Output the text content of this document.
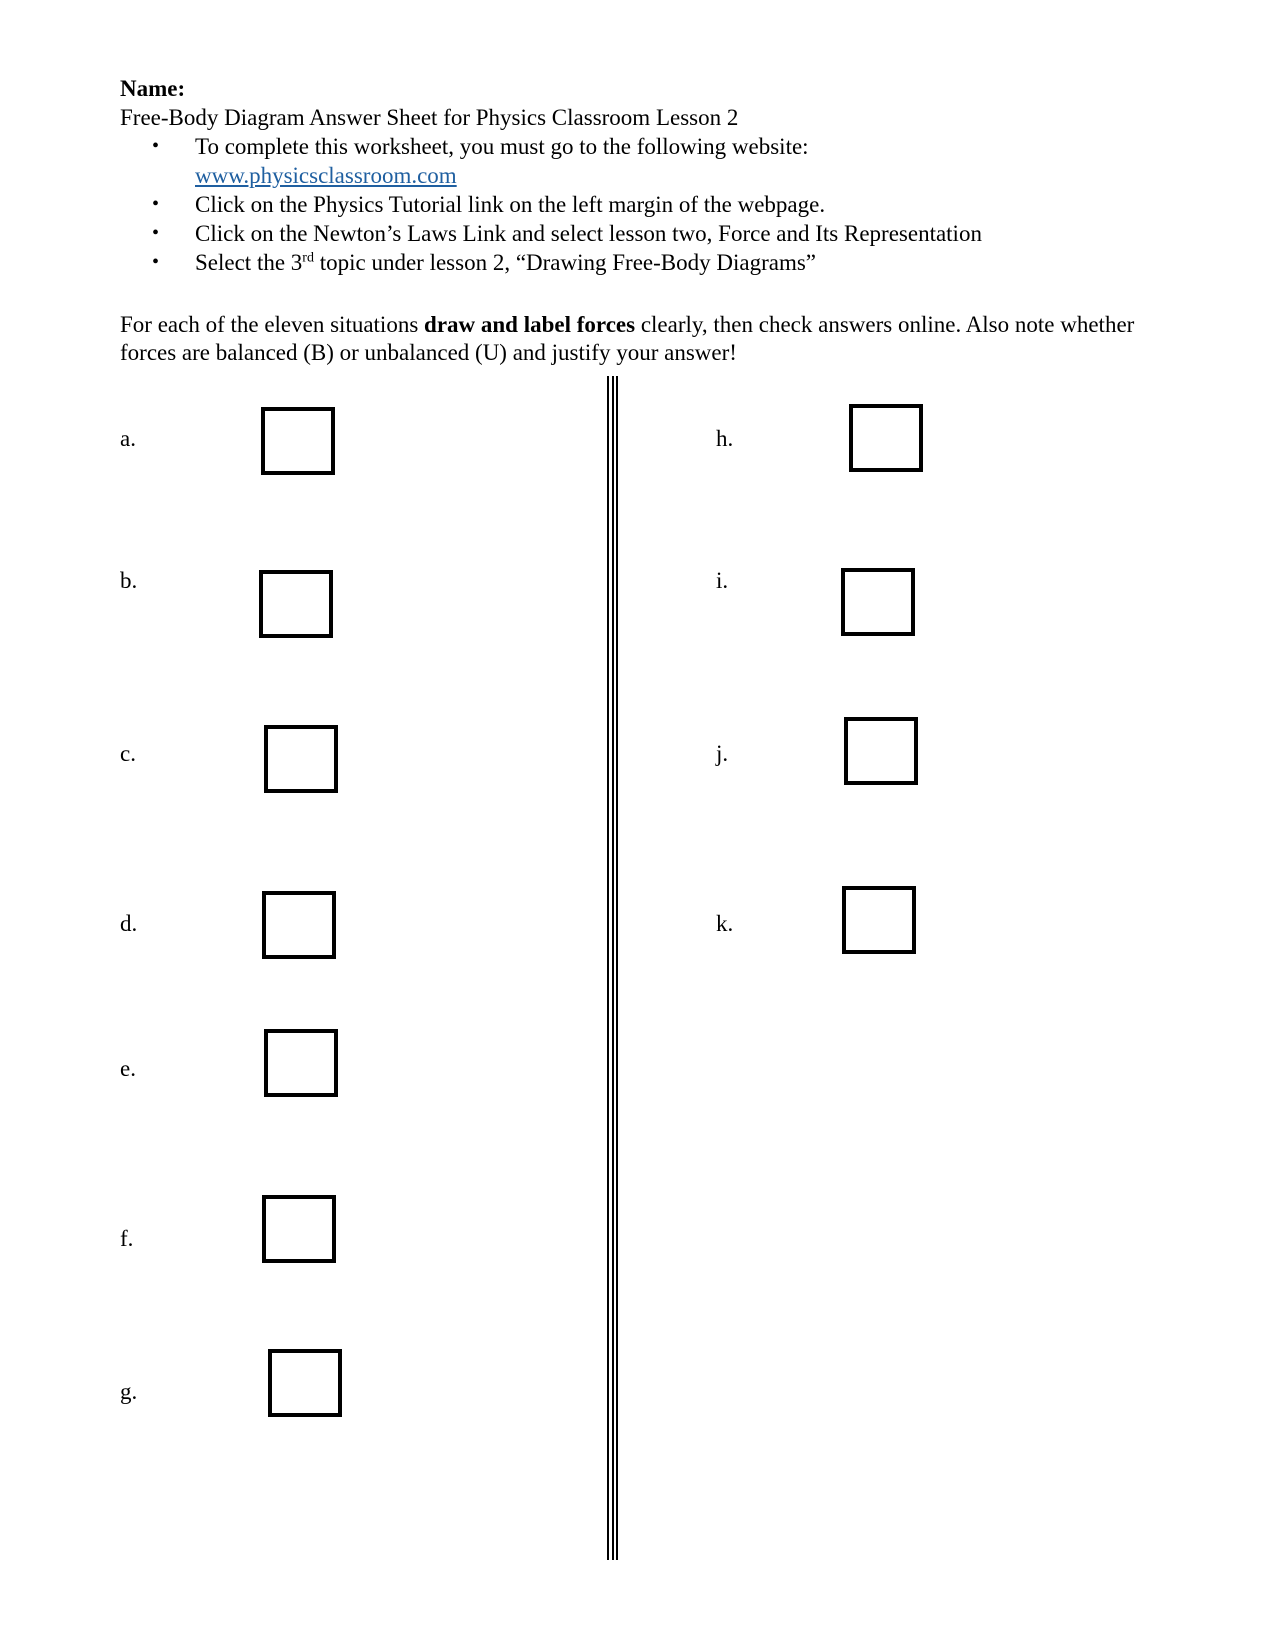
Name:
Free-Body Diagram Answer Sheet for Physics Classroom Lesson 2
• To complete this worksheet, you must go to the following website:
www.physicsclassroom.com
• Click on the Physics Tutorial link on the left margin of the webpage.
• Click on the Newton’s Laws Link and select lesson two, Force and Its Representation
• Select the 3rd topic under lesson 2, “Drawing Free-Body Diagrams”
For each of the eleven situations draw and label forces clearly, then check answers online. Also note whether forces are balanced (B) or unbalanced (U) and justify your answer!
a.
b.
c.
d.
e.
f.
g.
h.
i.
j.
k.
